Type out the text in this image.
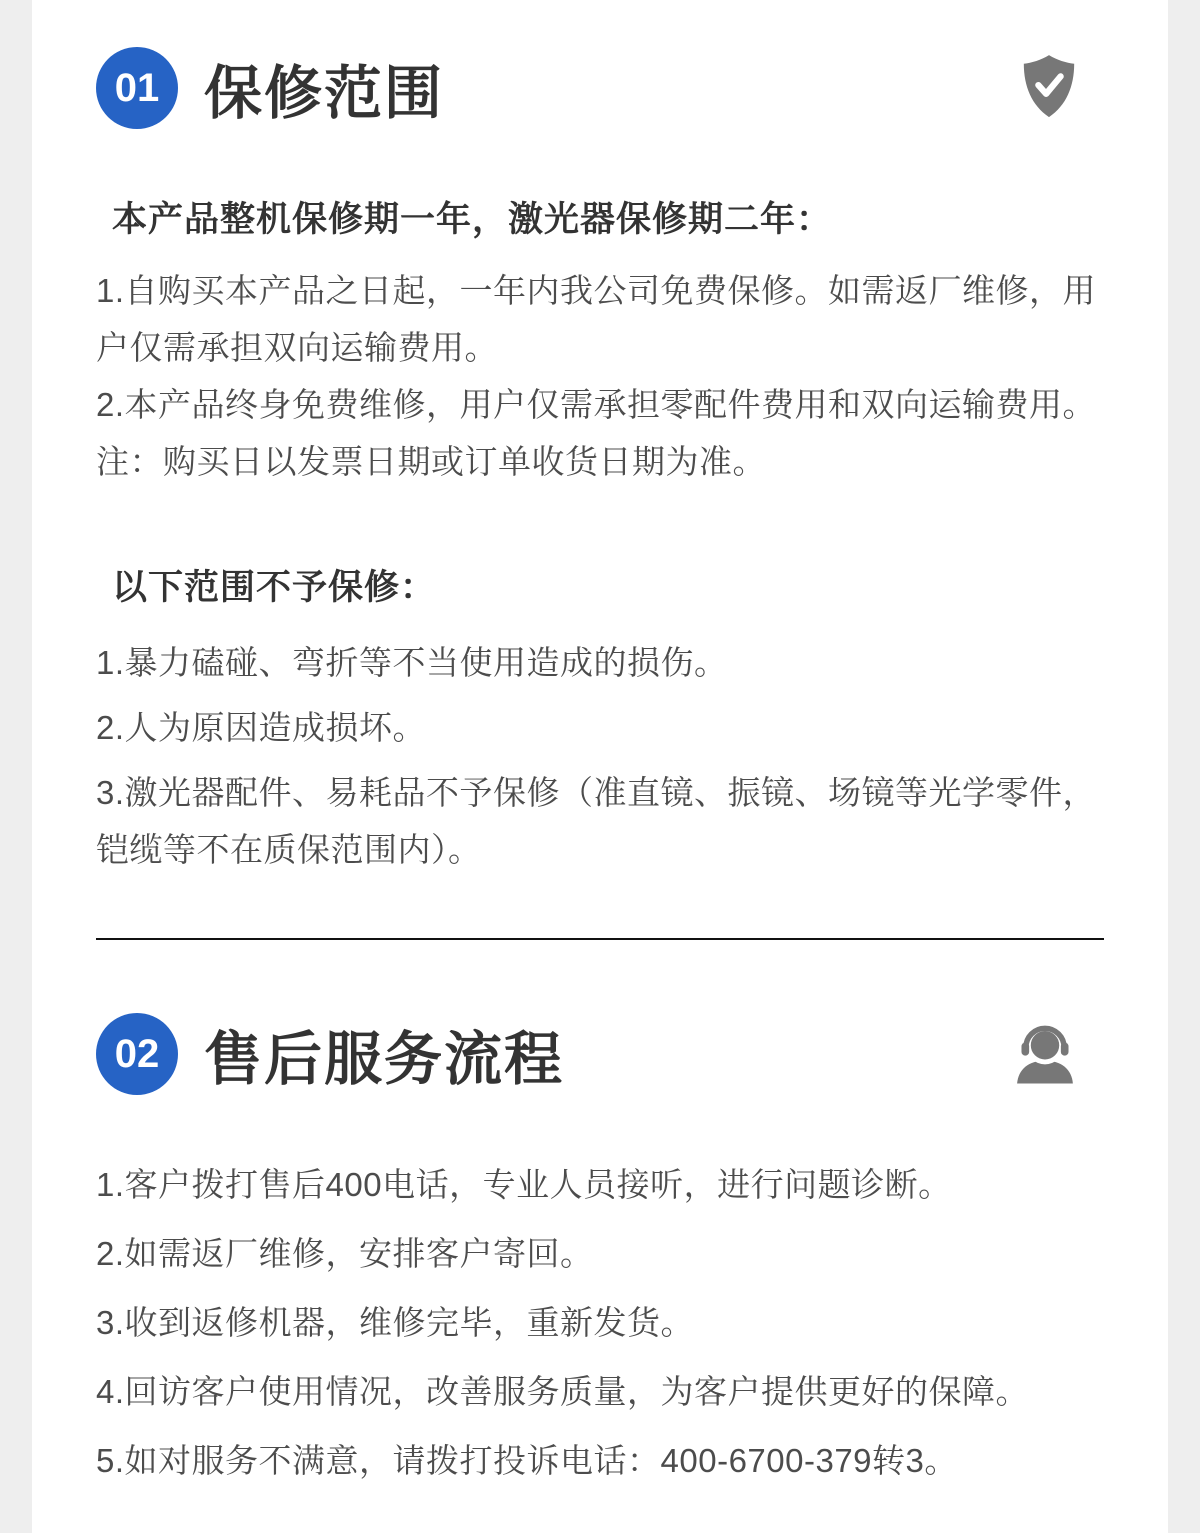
01 保修范围
本产品整机保修期一年，激光器保修期二年：

1.自购买本产品之日起，一年内我公司免费保修。如需返厂维修，用户仅需承担双向运输费用。

2.本产品终身免费维修，用户仅需承担零配件费用和双向运输费用。

注：购买日以发票日期或订单收货日期为准。

以下范围不予保修：

1.暴力磕碰、弯折等不当使用造成的损伤。

2.人为原因造成损坏。

3.激光器配件、易耗品不予保修（准直镜、振镜、场镜等光学零件，铠缆等不在质保范围内）。

02 售后服务流程

1.客户拨打售后400电话，专业人员接听，进行问题诊断。

2.如需返厂维修，安排客户寄回。

3.收到返修机器，维修完毕，重新发货。

4.回访客户使用情况，改善服务质量，为客户提供更好的保障。

5.如对服务不满意，请拨打投诉电话：400-6700-379转3。
